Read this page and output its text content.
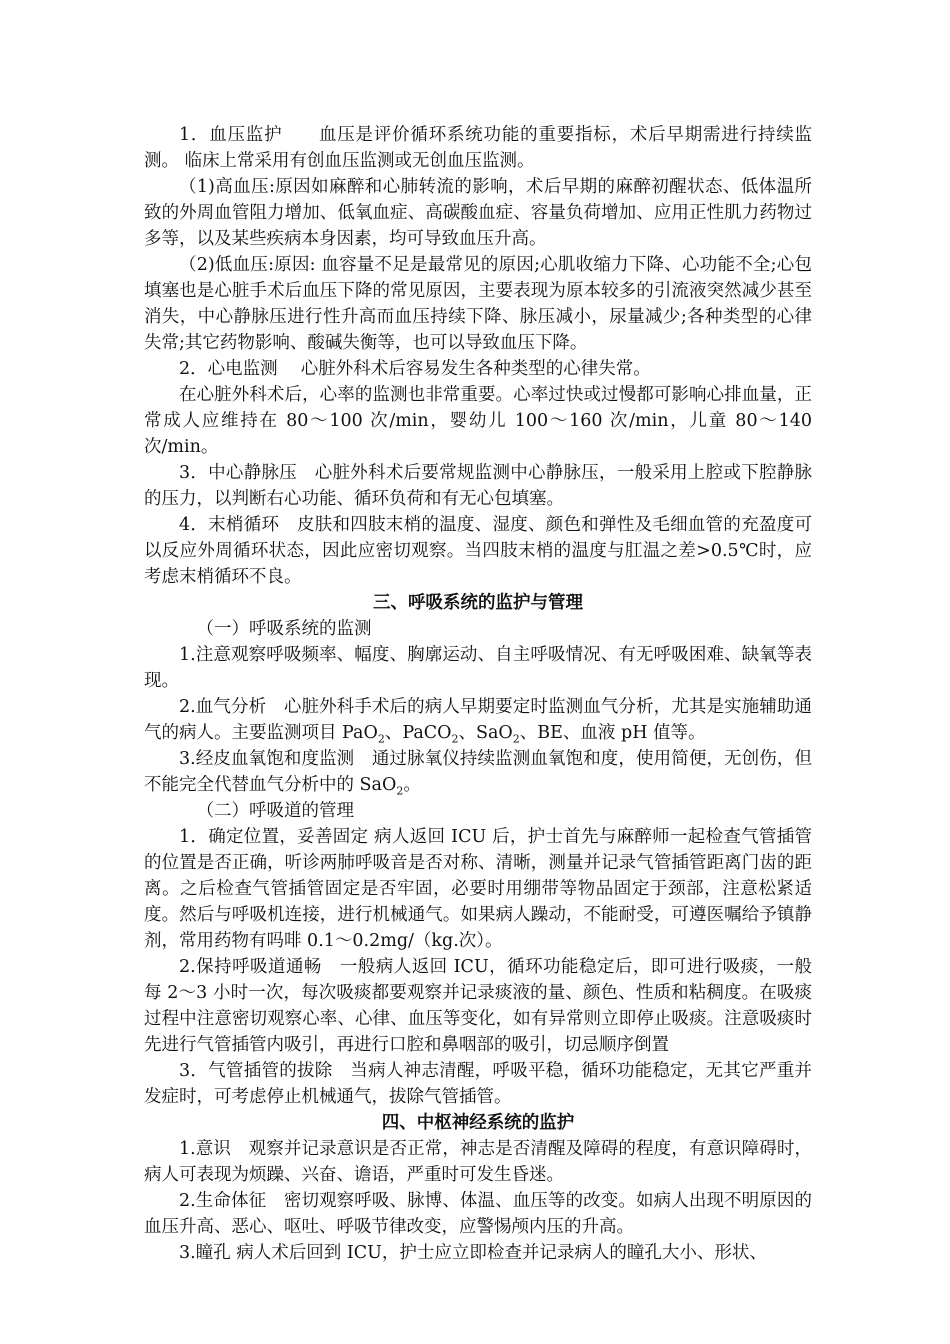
1．血压监护　　血压是评价循环系统功能的重要指标，术后早期需进行持续监测。 临床上常采用有创血压监测或无创血压监测。

（1)高血压:原因如麻醉和心肺转流的影响，术后早期的麻醉初醒状态、低体温所致的外周血管阻力增加、低氧血症、高碳酸血症、容量负荷增加、应用正性肌力药物过多等，以及某些疾病本身因素，均可导致血压升高。

（2)低血压:原因: 血容量不足是最常见的原因;心肌收缩力下降、心功能不全;心包填塞也是心脏手术后血压下降的常见原因，主要表现为原本较多的引流液突然减少甚至消失，中心静脉压进行性升高而血压持续下降、脉压减小，尿量减少;各种类型的心律失常;其它药物影响、酸碱失衡等，也可以导致血压下降。

2．心电监测　 心脏外科术后容易发生各种类型的心律失常。

在心脏外科术后，心率的监测也非常重要。心率过快或过慢都可影响心排血量，正常成人应维持在 80～100 次/min，婴幼儿 100～160 次/min，儿童 80～140次/min。

3．中心静脉压　心脏外科术后要常规监测中心静脉压，一般采用上腔或下腔静脉的压力，以判断右心功能、循环负荷和有无心包填塞。

4．末梢循环　皮肤和四肢末梢的温度、湿度、颜色和弹性及毛细血管的充盈度可以反应外周循环状态，因此应密切观察。当四肢末梢的温度与肛温之差>0.5℃时，应考虑末梢循环不良。

三、呼吸系统的监护与管理

（一）呼吸系统的监测

1.注意观察呼吸频率、幅度、胸廓运动、自主呼吸情况、有无呼吸困难、缺氧等表现。

2.血气分析　心脏外科手术后的病人早期要定时监测血气分析，尤其是实施辅助通气的病人。主要监测项目 PaO$_2$、PaCO$_2$、SaO$_2$、BE、血液 pH 值等。

3.经皮血氧饱和度监测　通过脉氧仪持续监测血氧饱和度，使用简便，无创伤，但不能完全代替血气分析中的 SaO$_2$。

（二）呼吸道的管理

1．确定位置，妥善固定 病人返回 ICU 后，护士首先与麻醉师一起检查气管插管的位置是否正确，听诊两肺呼吸音是否对称、清晰，测量并记录气管插管距离门齿的距离。之后检查气管插管固定是否牢固，必要时用绷带等物品固定于颈部，注意松紧适度。然后与呼吸机连接，进行机械通气。如果病人躁动，不能耐受，可遵医嘱给予镇静剂，常用药物有吗啡 0.1～0.2mg/（kg.次）。

2.保持呼吸道通畅　一般病人返回 ICU，循环功能稳定后，即可进行吸痰，一般每 2～3 小时一次，每次吸痰都要观察并记录痰液的量、颜色、性质和粘稠度。在吸痰过程中注意密切观察心率、心律、血压等变化，如有异常则立即停止吸痰。注意吸痰时先进行气管插管内吸引，再进行口腔和鼻咽部的吸引，切忌顺序倒置

3．气管插管的拔除　当病人神志清醒，呼吸平稳，循环功能稳定，无其它严重并发症时，可考虑停止机械通气，拔除气管插管。

四、中枢神经系统的监护

1.意识　观察并记录意识是否正常，神志是否清醒及障碍的程度，有意识障碍时，病人可表现为烦躁、兴奋、谵语，严重时可发生昏迷。

2.生命体征　密切观察呼吸、脉博、体温、血压等的改变。如病人出现不明原因的血压升高、恶心、呕吐、呼吸节律改变，应警惕颅内压的升高。

3.瞳孔 病人术后回到 ICU，护士应立即检查并记录病人的瞳孔大小、形状、
